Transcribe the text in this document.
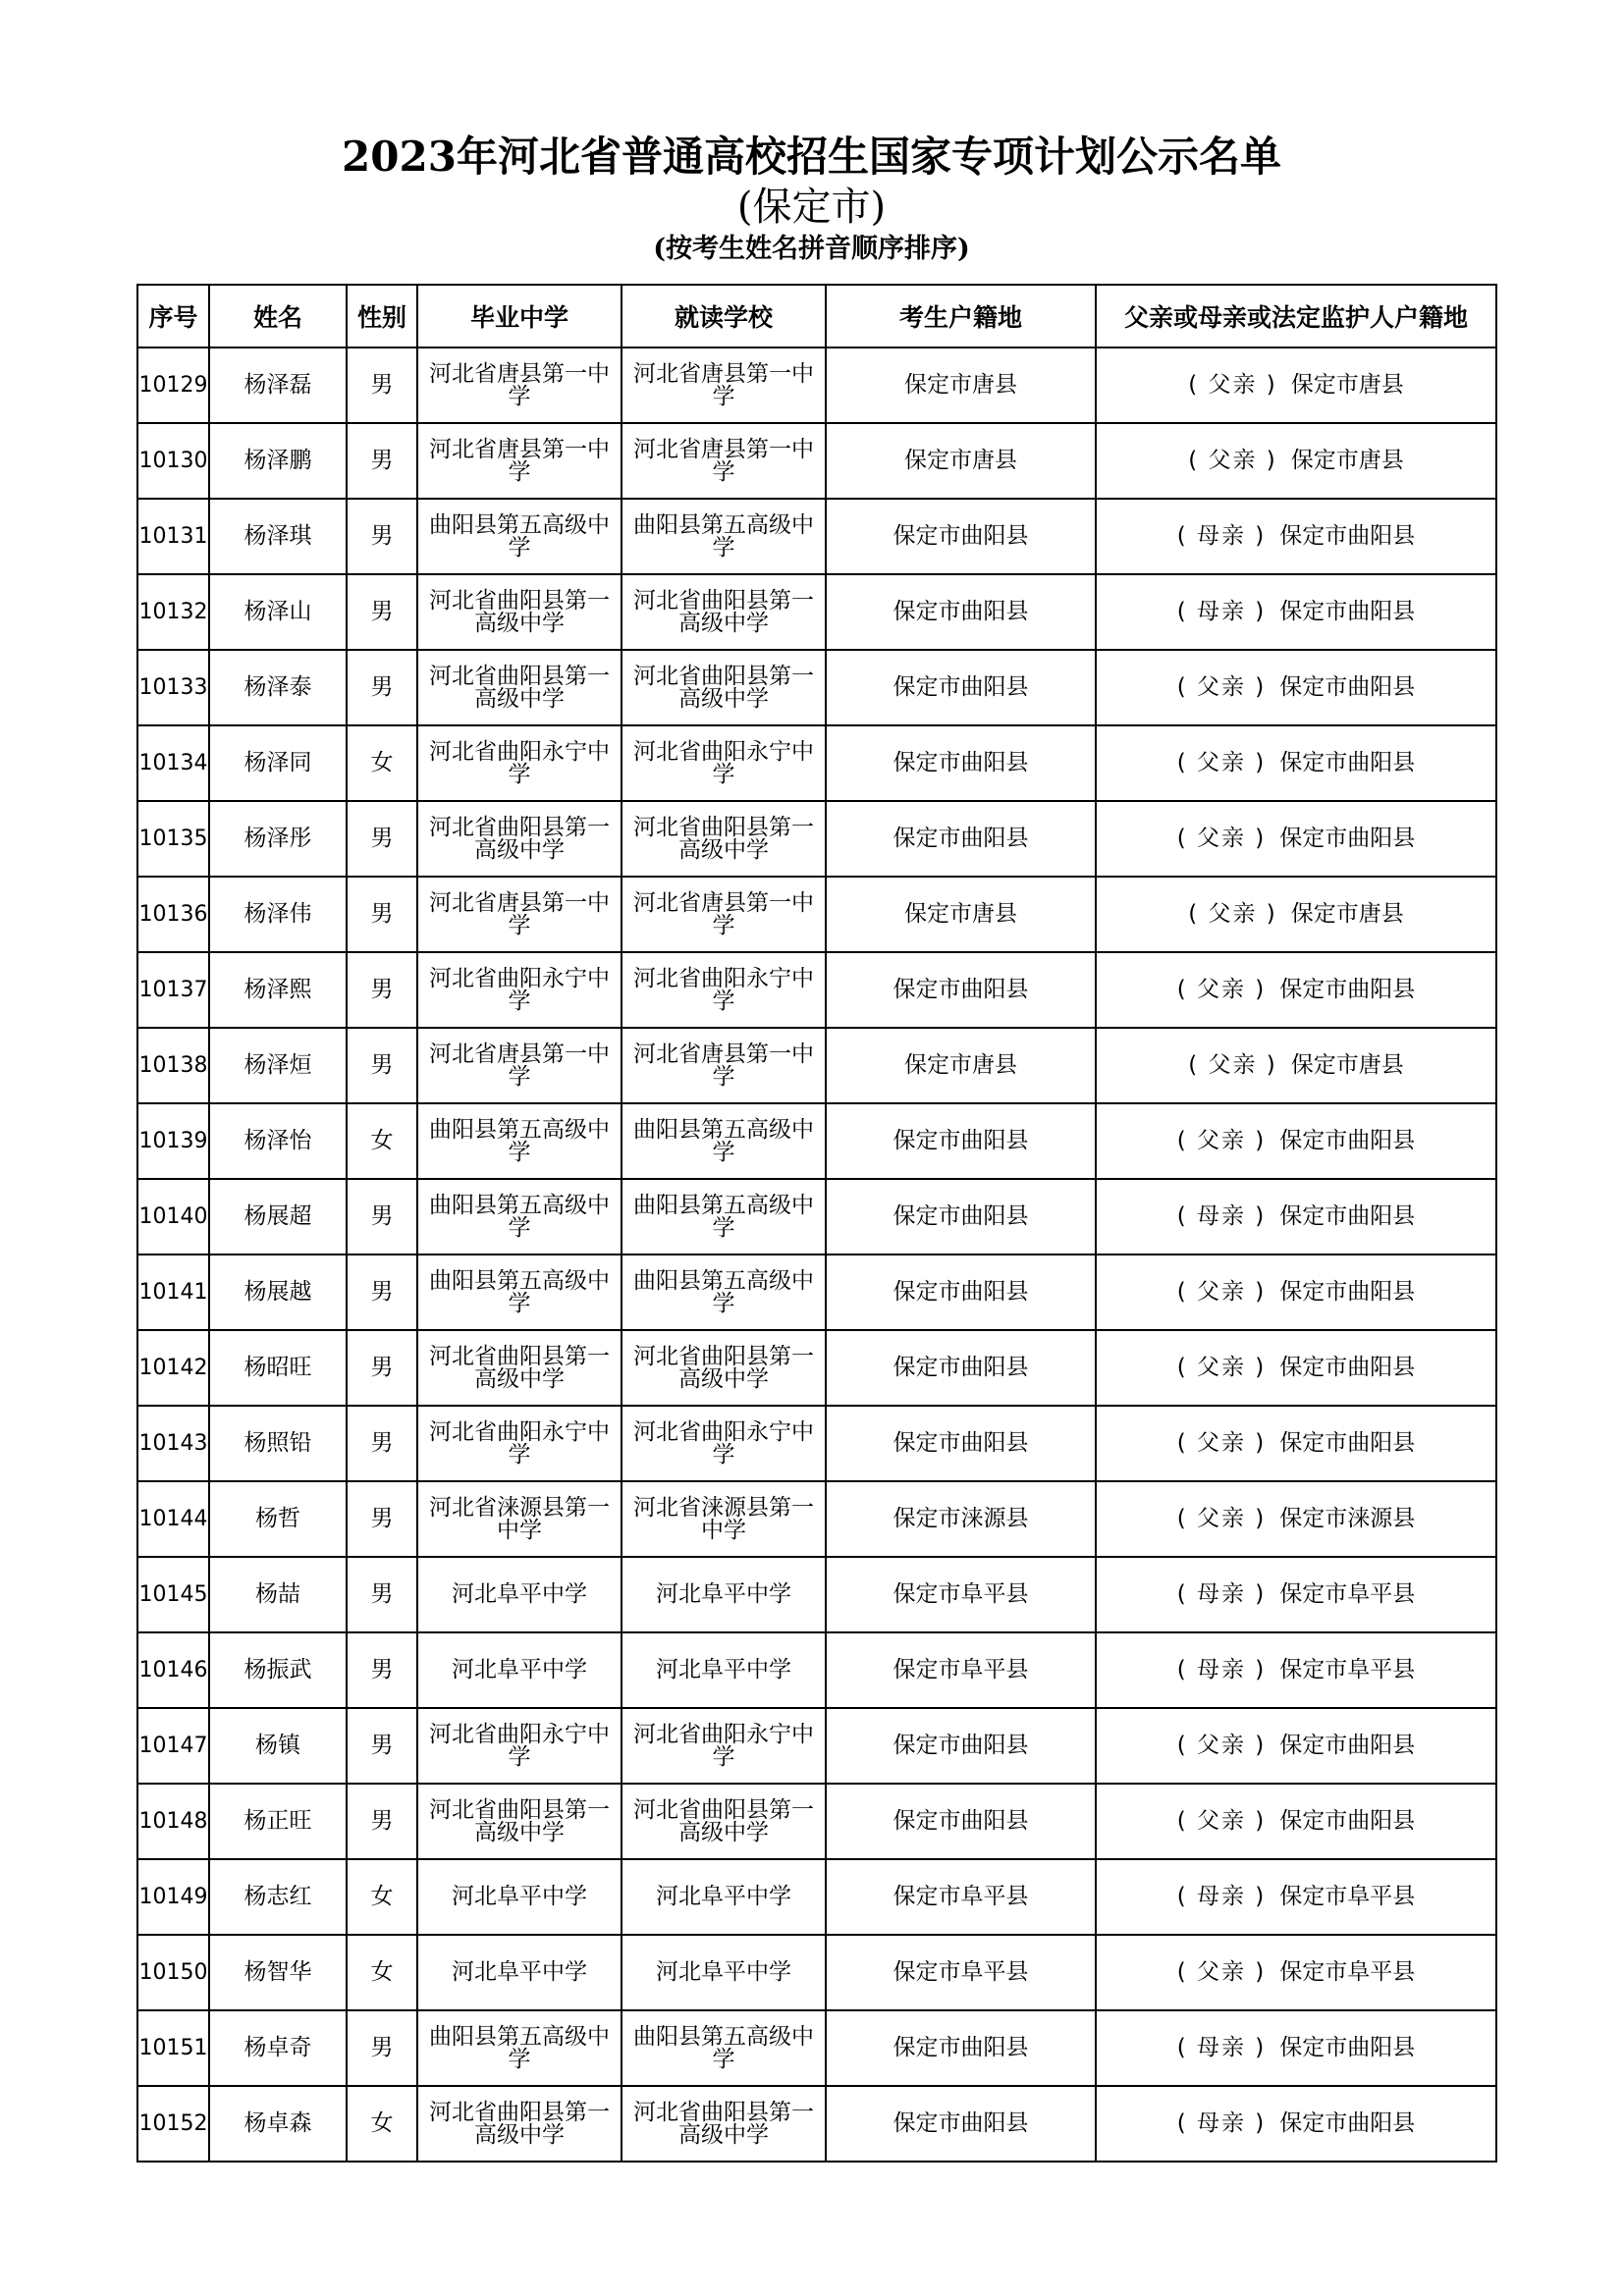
2023年河北省普通高校招生国家专项计划公示名单
(保定市)
(按考生姓名拼音顺序排序)
序号	姓名	性别	毕业中学	就读学校	考生户籍地	父亲或母亲或法定监护人户籍地
10129	杨泽磊	男	河北省唐县第一中学	河北省唐县第一中学	保定市唐县	( 父亲 ) 保定市唐县
10130	杨泽鹏	男	河北省唐县第一中学	河北省唐县第一中学	保定市唐县	( 父亲 ) 保定市唐县
10131	杨泽琪	男	曲阳县第五高级中学	曲阳县第五高级中学	保定市曲阳县	( 母亲 ) 保定市曲阳县
10132	杨泽山	男	河北省曲阳县第一高级中学	河北省曲阳县第一高级中学	保定市曲阳县	( 母亲 ) 保定市曲阳县
10133	杨泽泰	男	河北省曲阳县第一高级中学	河北省曲阳县第一高级中学	保定市曲阳县	( 父亲 ) 保定市曲阳县
10134	杨泽同	女	河北省曲阳永宁中学	河北省曲阳永宁中学	保定市曲阳县	( 父亲 ) 保定市曲阳县
10135	杨泽彤	男	河北省曲阳县第一高级中学	河北省曲阳县第一高级中学	保定市曲阳县	( 父亲 ) 保定市曲阳县
10136	杨泽伟	男	河北省唐县第一中学	河北省唐县第一中学	保定市唐县	( 父亲 ) 保定市唐县
10137	杨泽熙	男	河北省曲阳永宁中学	河北省曲阳永宁中学	保定市曲阳县	( 父亲 ) 保定市曲阳县
10138	杨泽烜	男	河北省唐县第一中学	河北省唐县第一中学	保定市唐县	( 父亲 ) 保定市唐县
10139	杨泽怡	女	曲阳县第五高级中学	曲阳县第五高级中学	保定市曲阳县	( 父亲 ) 保定市曲阳县
10140	杨展超	男	曲阳县第五高级中学	曲阳县第五高级中学	保定市曲阳县	( 母亲 ) 保定市曲阳县
10141	杨展越	男	曲阳县第五高级中学	曲阳县第五高级中学	保定市曲阳县	( 父亲 ) 保定市曲阳县
10142	杨昭旺	男	河北省曲阳县第一高级中学	河北省曲阳县第一高级中学	保定市曲阳县	( 父亲 ) 保定市曲阳县
10143	杨照铅	男	河北省曲阳永宁中学	河北省曲阳永宁中学	保定市曲阳县	( 父亲 ) 保定市曲阳县
10144	杨哲	男	河北省涞源县第一中学	河北省涞源县第一中学	保定市涞源县	( 父亲 ) 保定市涞源县
10145	杨喆	男	河北阜平中学	河北阜平中学	保定市阜平县	( 母亲 ) 保定市阜平县
10146	杨振武	男	河北阜平中学	河北阜平中学	保定市阜平县	( 母亲 ) 保定市阜平县
10147	杨镇	男	河北省曲阳永宁中学	河北省曲阳永宁中学	保定市曲阳县	( 父亲 ) 保定市曲阳县
10148	杨正旺	男	河北省曲阳县第一高级中学	河北省曲阳县第一高级中学	保定市曲阳县	( 父亲 ) 保定市曲阳县
10149	杨志红	女	河北阜平中学	河北阜平中学	保定市阜平县	( 母亲 ) 保定市阜平县
10150	杨智华	女	河北阜平中学	河北阜平中学	保定市阜平县	( 父亲 ) 保定市阜平县
10151	杨卓奇	男	曲阳县第五高级中学	曲阳县第五高级中学	保定市曲阳县	( 母亲 ) 保定市曲阳县
10152	杨卓森	女	河北省曲阳县第一高级中学	河北省曲阳县第一高级中学	保定市曲阳县	( 母亲 ) 保定市曲阳县
